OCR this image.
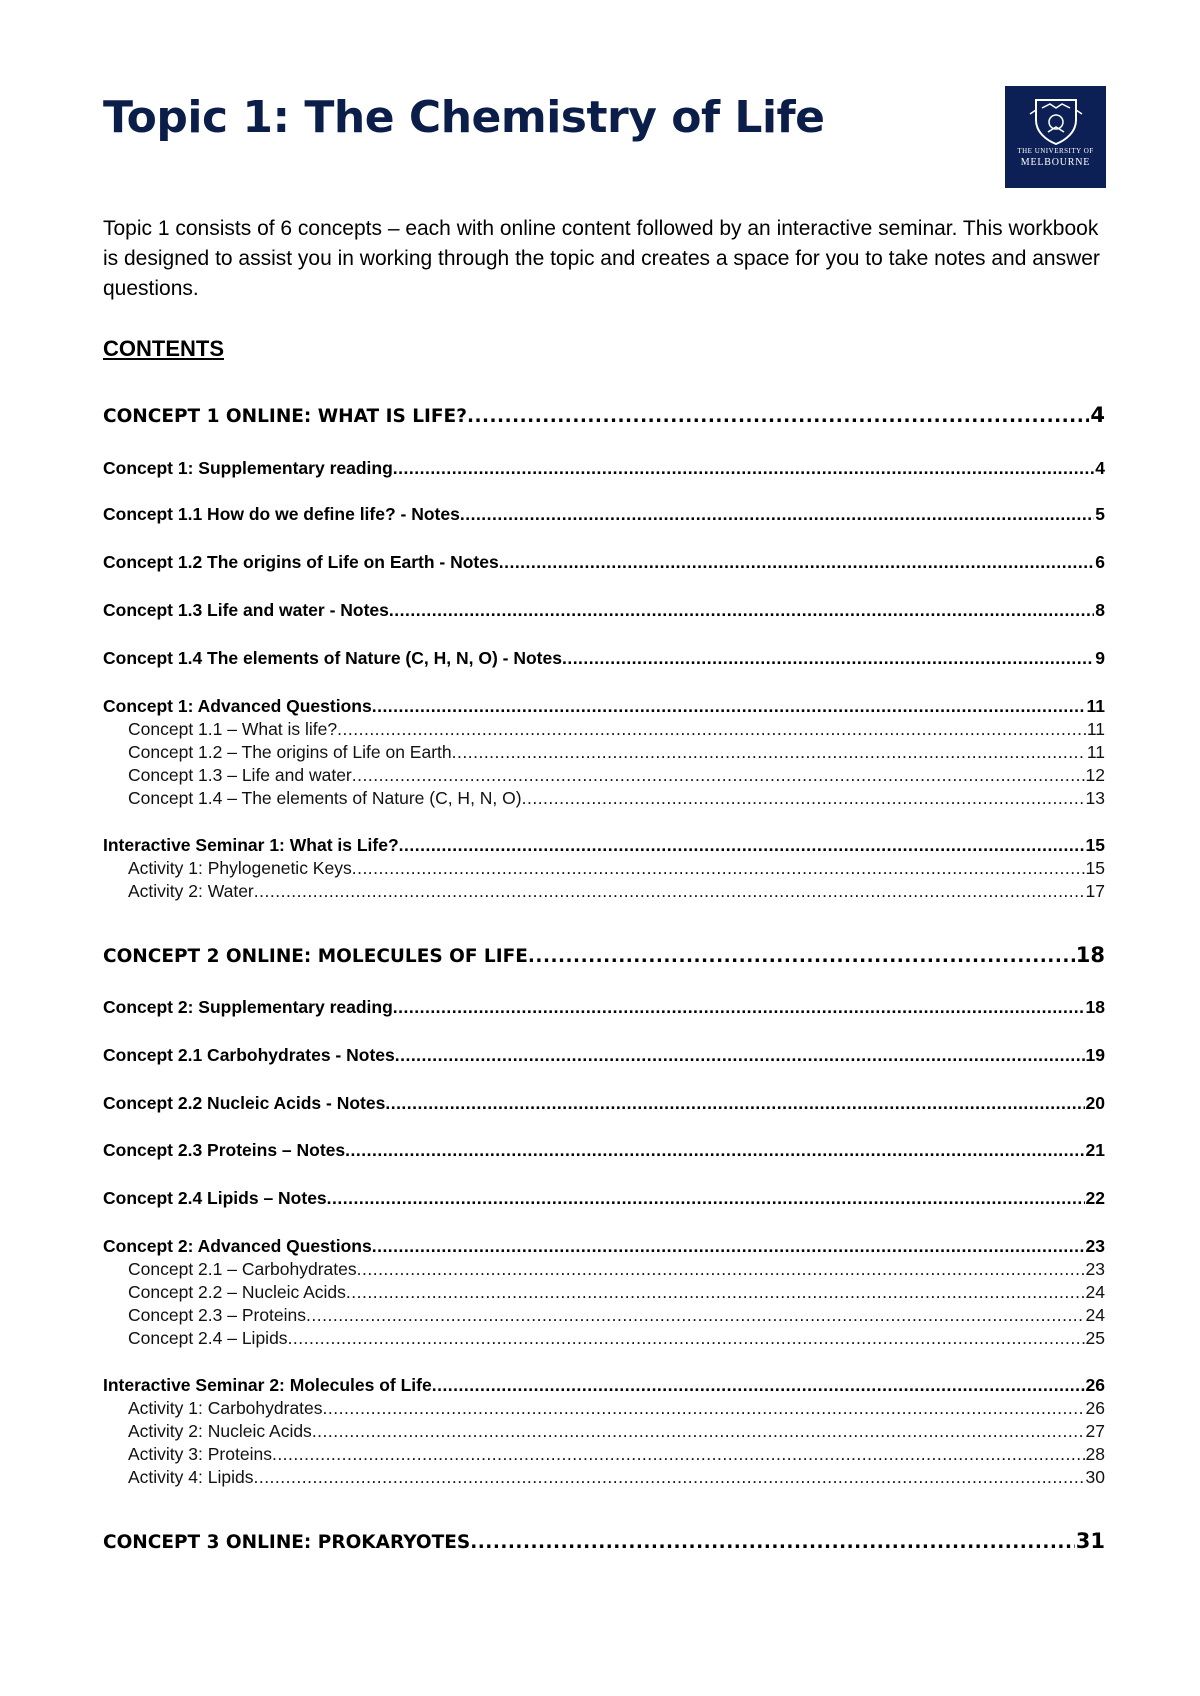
Topic 1: The Chemistry of Life
THE UNIVERSITY OF
MELBOURNE

Topic 1 consists of 6 concepts – each with online content followed by an interactive seminar. This workbook is designed to assist you in working through the topic and creates a space for you to take notes and answer questions.

CONTENTS
CONCEPT 1 ONLINE: WHAT IS LIFE? .....	4
Concept 1: Supplementary reading .....	4
Concept 1.1 How do we define life? - Notes .....	5
Concept 1.2 The origins of Life on Earth - Notes .....	6
Concept 1.3 Life and water - Notes .....	8
Concept 1.4 The elements of Nature (C, H, N, O) - Notes .....	9
Concept 1: Advanced Questions .....	11
Concept 1.1 – What is life? .....	11
Concept 1.2 – The origins of Life on Earth .....	11
Concept 1.3 – Life and water .....	12
Concept 1.4 – The elements of Nature (C, H, N, O) .....	13
Interactive Seminar 1: What is Life? .....	15
Activity 1: Phylogenetic Keys .....	15
Activity 2: Water .....	17
CONCEPT 2 ONLINE: MOLECULES OF LIFE .....	18
Concept 2: Supplementary reading .....	18
Concept 2.1 Carbohydrates - Notes .....	19
Concept 2.2 Nucleic Acids - Notes .....	20
Concept 2.3 Proteins – Notes .....	21
Concept 2.4 Lipids – Notes .....	22
Concept 2: Advanced Questions .....	23
Concept 2.1 – Carbohydrates .....	23
Concept 2.2 – Nucleic Acids .....	24
Concept 2.3 – Proteins .....	24
Concept 2.4 – Lipids .....	25
Interactive Seminar 2: Molecules of Life .....	26
Activity 1: Carbohydrates .....	26
Activity 2: Nucleic Acids .....	27
Activity 3: Proteins .....	28
Activity 4: Lipids .....	30
CONCEPT 3 ONLINE: PROKARYOTES .....	31
